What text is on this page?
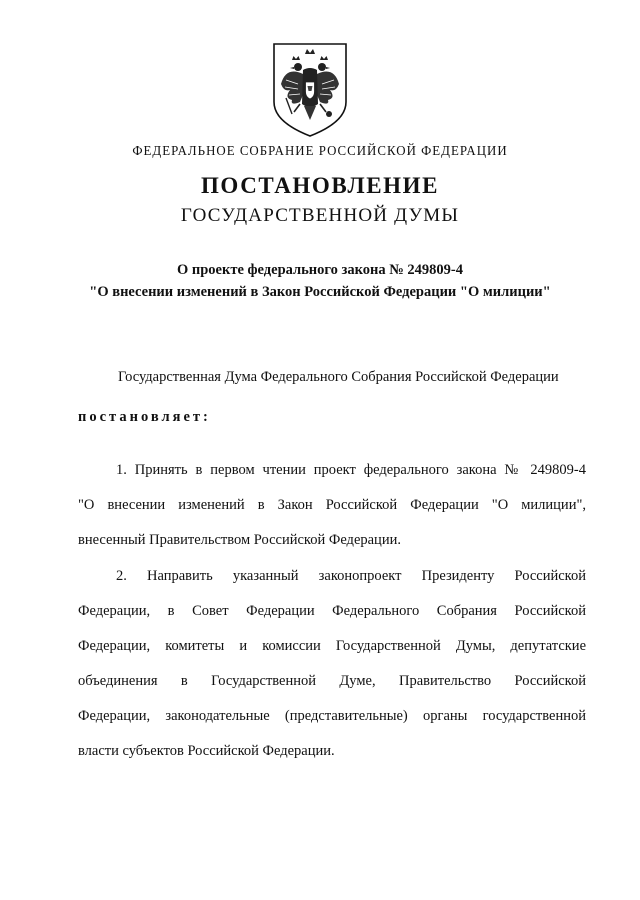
ФЕДЕРАЛЬНОЕ СОБРАНИЕ РОССИЙСКОЙ ФЕДЕРАЦИИ
ПОСТАНОВЛЕНИЕ
ГОСУДАРСТВЕННОЙ ДУМЫ
О проекте федерального закона № 249809-4
"О внесении изменений в Закон Российской Федерации "О милиции"
Государственная Дума Федерального Собрания Российской Федерации
постановляет:
1. Принять в первом чтении проект федерального закона № 249809-4
"О внесении изменений в Закон Российской Федерации "О милиции",
внесенный Правительством Российской Федерации.
2. Направить указанный законопроект Президенту Российской
Федерации, в Совет Федерации Федерального Собрания Российской
Федерации, комитеты и комиссии Государственной Думы, депутатские
объединения в Государственной Думе, Правительство Российской
Федерации, законодательные (представительные) органы государственной
власти субъектов Российской Федерации.
